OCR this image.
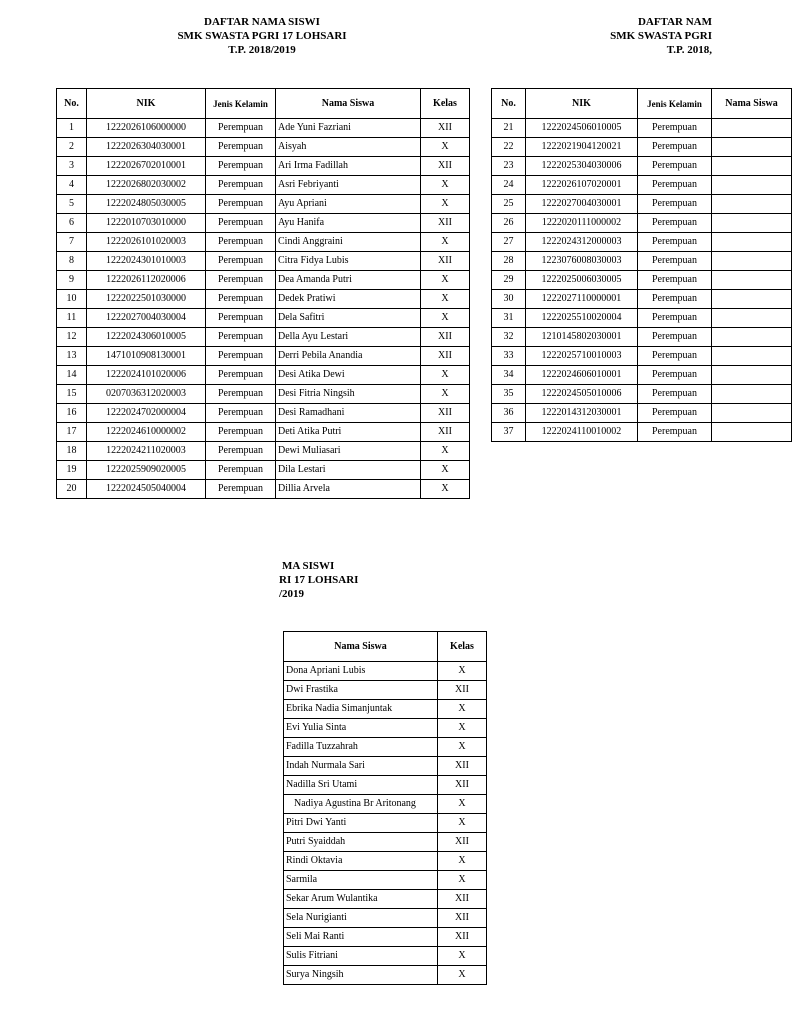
DAFTAR NAMA SISWI
SMK SWASTA PGRI 17 LOHSARI
T.P. 2018/2019
DAFTAR NAM
SMK SWASTA PGRI
T.P. 2018,
MA SISWI
RI 17 LOHSARI
/2019
No.	NIK	Jenis Kelamin	Nama Siswa	Kelas
1	1222026106000000	Perempuan	Ade Yuni Fazriani	XII
2	1222026304030001	Perempuan	Aisyah	X
3	1222026702010001	Perempuan	Ari Irma Fadillah	XII
4	1222026802030002	Perempuan	Asri Febriyanti	X
5	1222024805030005	Perempuan	Ayu Apriani	X
6	1222010703010000	Perempuan	Ayu Hanifa	XII
7	1222026101020003	Perempuan	Cindi Anggraini	X
8	1222024301010003	Perempuan	Citra Fidya Lubis	XII
9	1222026112020006	Perempuan	Dea Amanda Putri	X
10	1222022501030000	Perempuan	Dedek Pratiwi	X
11	1222027004030004	Perempuan	Dela Safitri	X
12	1222024306010005	Perempuan	Della Ayu Lestari	XII
13	1471010908130001	Perempuan	Derri Pebila Anandia	XII
14	1222024101020006	Perempuan	Desi Atika Dewi	X
15	0207036312020003	Perempuan	Desi Fitria Ningsih	X
16	1222024702000004	Perempuan	Desi Ramadhani	XII
17	1222024610000002	Perempuan	Deti Atika Putri	XII
18	1222024211020003	Perempuan	Dewi Muliasari	X
19	1222025909020005	Perempuan	Dila Lestari	X
20	1222024505040004	Perempuan	Dillia Arvela	X
No.	NIK	Jenis Kelamin	Nama Siswa
21	1222024506010005	Perempuan	
22	1222021904120021	Perempuan	
23	1222025304030006	Perempuan	
24	1222026107020001	Perempuan	
25	1222027004030001	Perempuan	
26	1222020111000002	Perempuan	
27	1222024312000003	Perempuan	
28	1223076008030003	Perempuan	
29	1222025006030005	Perempuan	
30	1222027110000001	Perempuan	
31	1222025510020004	Perempuan	
32	1210145802030001	Perempuan	
33	1222025710010003	Perempuan	
34	1222024606010001	Perempuan	
35	1222024505010006	Perempuan	
36	1222014312030001	Perempuan	
37	1222024110010002	Perempuan	
Nama Siswa	Kelas
Dona Apriani Lubis	X
Dwi Frastika	XII
Ebrika Nadia Simanjuntak	X
Evi Yulia Sinta	X
Fadilla Tuzzahrah	X
Indah Nurmala Sari	XII
Nadilla Sri Utami	XII
Nadiya Agustina Br Aritonang	X
Pitri Dwi Yanti	X
Putri Syaiddah	XII
Rindi Oktavia	X
Sarmila	X
Sekar Arum Wulantika	XII
Sela Nurigianti	XII
Seli Mai Ranti	XII
Sulis Fitriani	X
Surya Ningsih	X
